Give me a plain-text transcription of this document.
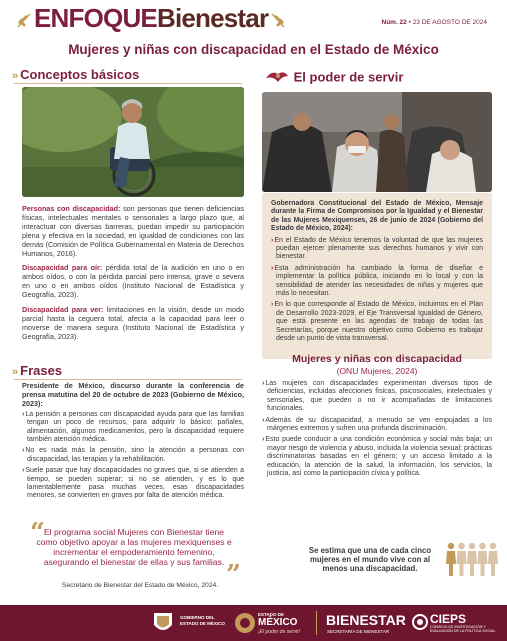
ENFOQUEBienestar	Núm. 22 • 23 DE AGOSTO DE 2024
Mujeres y niñas con discapacidad en el Estado de México
» Conceptos básicos
Personas con discapacidad: son personas que tienen deficiencias físicas, intelectuales mentales o sensoriales a largo plazo que, al interactuar con diversas barreras, puedan impedir su participación plena y efectiva en la sociedad, en igualdad de condiciones con las demás (Comisión de Política Gubernamental en Materia de Derechos Humanos, 2016).
Discapacidad para oír: pérdida total de la audición en uno o en ambos oídos, o con la pérdida parcial pero intensa, grave o severa en uno o en ambos oídos (Instituto Nacional de Estadística y Geografía, 2023).
Discapacidad para ver: limitaciones en la visión, desde un modo parcial hasta la ceguera total, afecta a la capacidad para leer o moverse de manera segura (Instituto Nacional de Estadística y Geografía, 2023).
El poder de servir
Gobernadora Constitucional del Estado de México, Mensaje durante la Firma de Compromisos por la Igualdad y el Bienestar de las Mujeres Mexiquenses, 26 de junio de 2024 (Gobierno del Estado de México, 2024):
› En el Estado de México tenemos la voluntad de que las mujeres puedan ejercer plenamente sus derechos humanos y vivir con bienestar.
› Esta administración ha cambiado la forma de diseñar e implementar la política pública, iniciando en lo local y con la sensibilidad de atender las necesidades de niñas y mujeres que más lo necesitan.
› En lo que corresponde al Estado de México, incluimos en el Plan de Desarrollo 2023-2029, el Eje Transversal Igualdad de Género, que está presente en las agendas de trabajo de todas las Secretarías, porque nuestro objetivo como Gobierno es trabajar desde un punto de vista transversal.
» Frases
Presidente de México, discurso durante la conferencia de prensa matutina del 20 de octubre de 2023 (Gobierno de México, 2023):
› La pensión a personas con discapacidad ayuda para que las familias tengan un poco de recursos, para adquirir lo básico: pañales, alimentación, algunos medicamentos, pero la discapacidad requiere también atención médica.
› No es nada más la pensión, sino la atención a personas con discapacidad, las terapias y la rehabilitación.
› Suele pasar que hay discapacidades no graves que, si se atienden a tiempo, se pueden superar; si no se atienden, y es lo que lamentablemente pasa muchas veces, esas discapacidades menores, se convierten en graves por falta de atención médica.
“
El programa social Mujeres con Bienestar tiene como objetivo apoyar a las mujeres mexiquenses e incrementar el empoderamiento femenino, asegurando el bienestar de ellas y sus familias. ”
Secretario de Bienestar del Estado de México, 2024.
Mujeres y niñas con discapacidad
(ONU Mujeres, 2024)
› Las mujeres con discapacidades experimentan diversos tipos de deficiencias, incluidas afecciones físicas, psicosociales, intelectuales y sensoriales, que pueden o no ir acompañadas de limitaciones funcionales.
› Además de su discapacidad, a menudo se ven empujadas a los márgenes extremos y sufren una profunda discriminación.
› Esto puede conducir a una condición económica y social más baja; un mayor riesgo de violencia y abuso, incluida la violencia sexual; prácticas discriminatorias basadas en el género; y un acceso limitado a la educación, la atención de la salud, la información, los servicios, la justicia, así como la participación cívica y política.
Se estima que una de cada cinco mujeres en el mundo vive con al menos una discapacidad.
GOBIERNO DEL ESTADO DE MÉXICO
ESTADO DE
MÉXICO
¡El poder de servir!
BIENESTAR
SECRETARÍA DE BIENESTAR
CIEPS
CONSEJO DE INVESTIGACIÓN Y EVALUACIÓN DE LA POLÍTICA SOCIAL
